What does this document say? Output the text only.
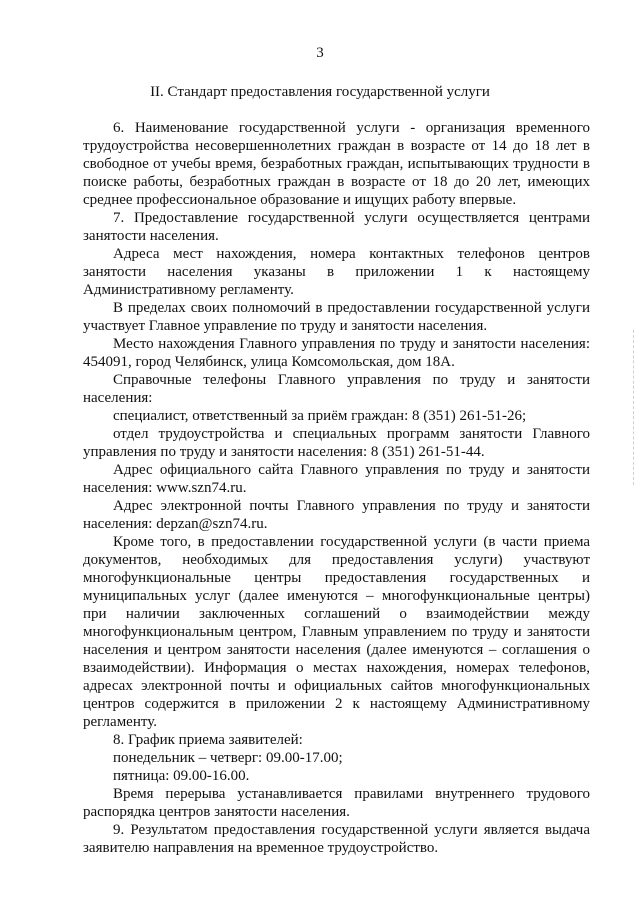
3
II. Стандарт предоставления государственной услуги

6. Наименование государственной услуги - организация временного трудоустройства несовершеннолетних граждан в возрасте от 14 до 18 лет в свободное от учебы время, безработных граждан, испытывающих трудности в поиске работы, безработных граждан в возрасте от 18 до 20 лет, имеющих среднее профессиональное образование и ищущих работу впервые.

7. Предоставление государственной услуги осуществляется центрами занятости населения.

Адреса мест нахождения, номера контактных телефонов центров занятости населения указаны в приложении 1 к настоящему Административному регламенту.

В пределах своих полномочий в предоставлении государственной услуги участвует Главное управление по труду и занятости населения.

Место нахождения Главного управления по труду и занятости населения: 454091, город Челябинск, улица Комсомольская, дом 18А.

Справочные телефоны Главного управления по труду и занятости населения:

специалист, ответственный за приём граждан: 8 (351) 261-51-26;

отдел трудоустройства и специальных программ занятости Главного управления по труду и занятости населения: 8 (351) 261-51-44.

Адрес официального сайта Главного управления по труду и занятости населения: www.szn74.ru.

Адрес электронной почты Главного управления по труду и занятости населения: depzan@szn74.ru.

Кроме того, в предоставлении государственной услуги (в части приема документов, необходимых для предоставления услуги) участвуют многофункциональные центры предоставления государственных и муниципальных услуг (далее именуются – многофункциональные центры) при наличии заключенных соглашений о взаимодействии между многофункциональным центром, Главным управлением по труду и занятости населения и центром занятости населения (далее именуются – соглашения о взаимодействии). Информация о местах нахождения, номерах телефонов, адресах электронной почты и официальных сайтов многофункциональных центров содержится в приложении 2 к настоящему Административному регламенту.

8. График приема заявителей:

понедельник – четверг: 09.00-17.00;

пятница: 09.00-16.00.

Время перерыва устанавливается правилами внутреннего трудового распорядка центров занятости населения.

9. Результатом предоставления государственной услуги является выдача заявителю направления на временное трудоустройство.
